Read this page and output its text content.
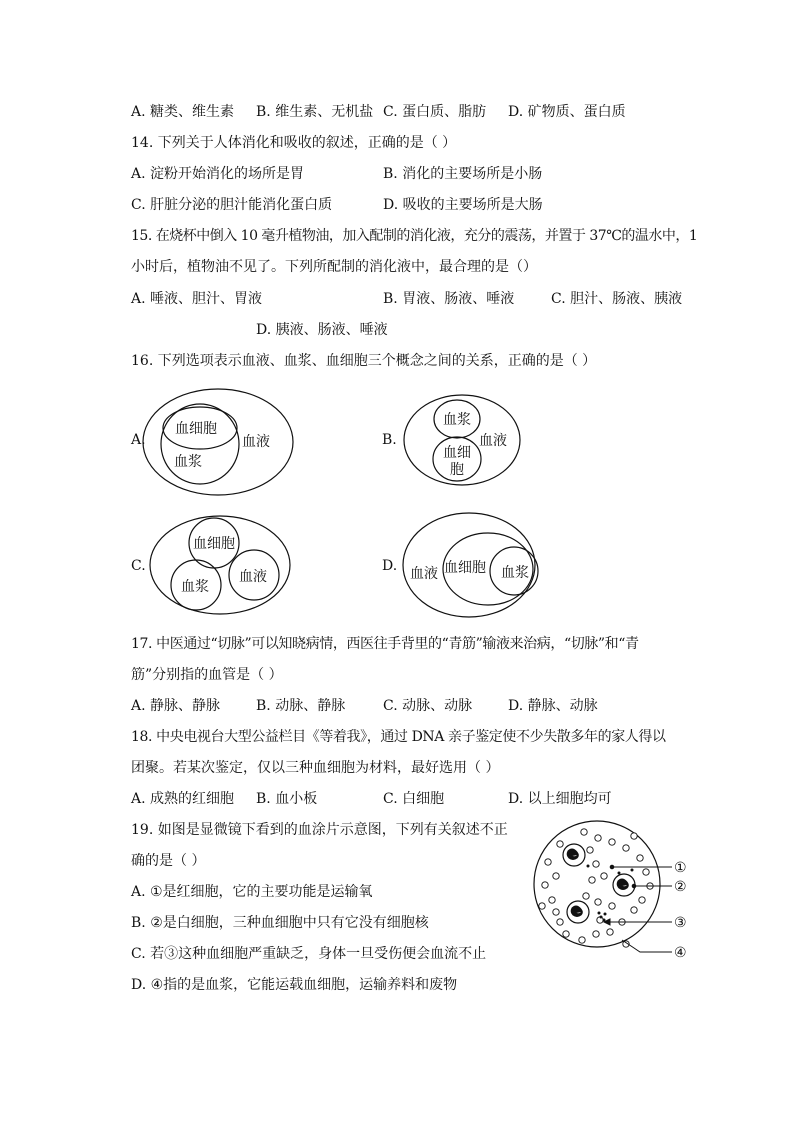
A. 糖类、维生素 B. 维生素、无机盐 C. 蛋白质、脂肪 D. 矿物质、蛋白质
14. 下列关于人体消化和吸收的叙述，正确的是（ ）
A. 淀粉开始消化的场所是胃	B. 消化的主要场所是小肠
C. 肝脏分泌的胆汁能消化蛋白质	D. 吸收的主要场所是大肠
15. 在烧杯中倒入 10 毫升植物油，加入配制的消化液，充分的震荡，并置于 37℃的温水中，1
小时后，植物油不见了。下列所配制的消化液中，最合理的是（）
A. 唾液、胆汁、胃液	B. 胃液、肠液、唾液	C. 胆汁、肠液、胰液
D. 胰液、肠液、唾液
16. 下列选项表示血液、血浆、血细胞三个概念之间的关系，正确的是（ ）
A.	B.
C.	D.
血细胞
血浆
血液
血浆
血液
血细
胞
血细胞
血浆
血液	血液 血细胞 血浆
17. 中医通过“切脉”可以知晓病情，西医往手背里的“青筋”输液来治病，“切脉”和“青
筋”分别指的血管是（ ）
A. 静脉、静脉	B. 动脉、静脉	C. 动脉、动脉	D. 静脉、动脉
18. 中央电视台大型公益栏目《等着我》，通过 DNA 亲子鉴定使不少失散多年的家人得以
团聚。若某次鉴定，仅以三种血细胞为材料，最好选用（ ）
A. 成熟的红细胞 B. 血小板	C. 白细胞	D. 以上细胞均可
19. 如图是显微镜下看到的血涂片示意图，下列有关叙述不正
确的是（ ）
A. ①是红细胞，它的主要功能是运输氧
B. ②是白细胞，三种血细胞中只有它没有细胞核
C. 若③这种血细胞严重缺乏，身体一旦受伤便会血流不止
D. ④指的是血浆，它能运载血细胞，运输养料和废物
①
②
③
④
